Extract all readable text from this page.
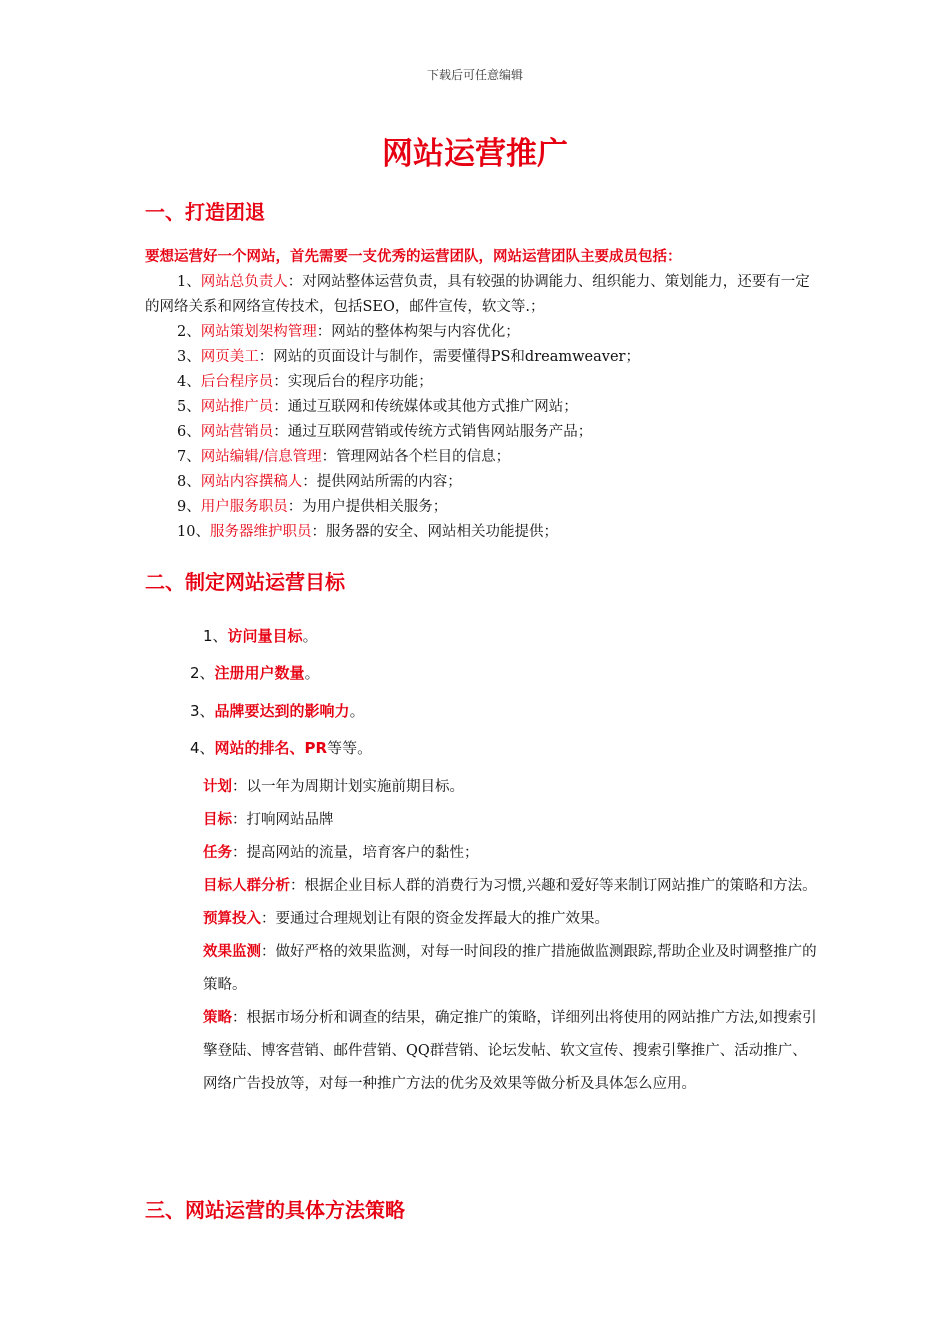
下载后可任意编辑
网站运营推广
一、打造团退
要想运营好一个网站，首先需要一支优秀的运营团队，网站运营团队主要成员包括：

1、网站总负责人：对网站整体运营负责，具有较强的协调能力、组织能力、策划能力，还要有一定的网络关系和网络宣传技术，包括SEO，邮件宣传，软文等.；

2、网站策划架构管理：网站的整体构架与内容优化；

3、网页美工：网站的页面设计与制作，需要懂得PS和dreamweaver；

4、后台程序员：实现后台的程序功能；

5、网站推广员：通过互联网和传统媒体或其他方式推广网站；

6、网站营销员：通过互联网营销或传统方式销售网站服务产品；

7、网站编辑/信息管理：管理网站各个栏目的信息；

8、网站内容撰稿人：提供网站所需的内容；

9、用户服务职员：为用户提供相关服务；

10、服务器维护职员：服务器的安全、网站相关功能提供；

二、制定网站运营目标
1、访问量目标。
2、注册用户数量。
3、品牌要达到的影响力。
4、网站的排名、PR等等。

计划：以一年为周期计划实施前期目标。

目标：打响网站品牌

任务：提高网站的流量，培育客户的黏性；

目标人群分析：根据企业目标人群的消费行为习惯,兴趣和爱好等来制订网站推广的策略和方法。

预算投入：要通过合理规划让有限的资金发挥最大的推广效果。

效果监测：做好严格的效果监测，对每一时间段的推广措施做监测跟踪,帮助企业及时调整推广的策略。

策略：根据市场分析和调查的结果，确定推广的策略，详细列出将使用的网站推广方法,如搜索引擎登陆、博客营销、邮件营销、QQ群营销、论坛发帖、软文宣传、搜索引擎推广、活动推广、网络广告投放等，对每一种推广方法的优劣及效果等做分析及具体怎么应用。

三、网站运营的具体方法策略
